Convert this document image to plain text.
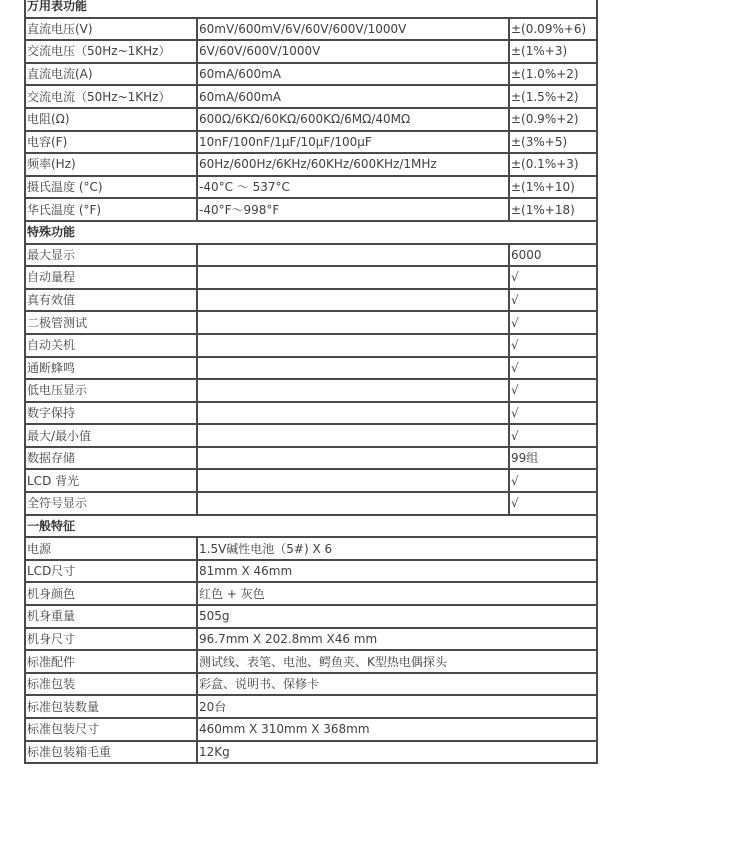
万用表功能		
直流电压(V)	60mV/600mV/6V/60V/600V/1000V	±(0.09%+6)
交流电压（50Hz~1KHz）	6V/60V/600V/1000V	±(1%+3)
直流电流(A)	60mA/600mA	±(1.0%+2)
交流电流（50Hz~1KHz）	60mA/600mA	±(1.5%+2)
电阻(Ω)	600Ω/6KΩ/60KΩ/600KΩ/6MΩ/40MΩ	±(0.9%+2)
电容(F)	10nF/100nF/1μF/10μF/100μF	±(3%+5)
频率(Hz)	60Hz/600Hz/6KHz/60KHz/600KHz/1MHz	±(0.1%+3)
摄氏温度 (°C)	-40°C ～ 537°C	±(1%+10)
华氏温度 (°F)	-40°F～998°F	±(1%+18)
特殊功能		
最大显示		6000
自动量程		√
真有效值		√
二极管测试		√
自动关机		√
通断蜂鸣		√
低电压显示		√
数字保持		√
最大/最小值		√
数据存储		99组
LCD 背光		√
全符号显示		√
一般特征		
电源	1.5V碱性电池（5#) X 6	
LCD尺寸	81mm X 46mm	
机身颜色	红色 + 灰色	
机身重量	505g	
机身尺寸	96.7mm X 202.8mm X46 mm	
标准配件	测试线、表笔、电池、鳄鱼夹、K型热电偶探头	
标准包装	彩盒、说明书、保修卡	
标准包装数量	20台	
标准包装尺寸	460mm X 310mm X 368mm	
标准包装箱毛重	12Kg	
